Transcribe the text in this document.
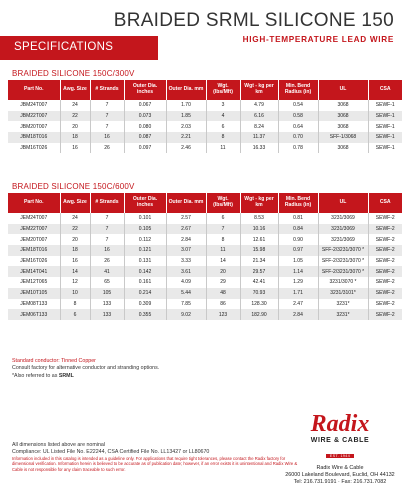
BRAIDED SRML SILICONE 150
HIGH-TEMPERATURE LEAD WIRE
SPECIFICATIONS
BRAIDED SILICONE 150C/300V
Part No.	Awg. Size	# Strands	Outer Dia. inches	Outer Dia. mm	Wgt. (lbs/Mft)	Wgt - kg per km	Min. Bend Radius (in)	UL	CSA
JBM24T007	24	7	0.067	1.70	3	4.79	0.54	3068	SEWF-1
JBM22T007	22	7	0.073	1.85	4	6.16	0.58	3068	SEWF-1
JBM20T007	20	7	0.080	2.03	6	8.24	0.64	3068	SEWF-1
JBM18T016	18	16	0.087	2.21	8	11.37	0.70	SFF-1/3068	SEWF-1
JBM16T026	16	26	0.097	2.46	11	16.33	0.78	3068	SEWF-1
BRAIDED SILICONE 150C/600V
Part No.	Awg. Size	# Strands	Outer Dia. inches	Outer Dia. mm	Wgt. (lbs/Mft)	Wgt - kg per km	Min. Bend Radius (in)	UL	CSA
JEM24T007	24	7	0.101	2.57	6	8.53	0.81	3231/3069	SEWF-2
JEM22T007	22	7	0.105	2.67	7	10.16	0.84	3231/3069	SEWF-2
JEM20T007	20	7	0.112	2.84	8	12.61	0.90	3231/3069	SEWF-2
JEM18T016	18	16	0.121	3.07	11	15.98	0.97	SFF-2/3231/3070 *	SEWF-2
JEM16T026	16	26	0.131	3.33	14	21.34	1.05	SFF-2/3231/3070 *	SEWF-2
JEM14T041	14	41	0.142	3.61	20	29.57	1.14	SFF-2/3231/3070 *	SEWF-2
JEM12T065	12	65	0.161	4.09	29	42.41	1.29	3231/3070 *	SEWF-2
JEM10T105	10	105	0.214	5.44	48	70.93	1.71	3231/3101*	SEWF-2
JEM08T133	8	133	0.309	7.85	86	128.30	2.47	3231*	SEWF-2
JEM06T133	6	133	0.355	9.02	123	182.90	2.84	3231*	SEWF-2
Standard conductor: Tinned Copper
Consult factory for alternative conductor and stranding options.
*Also referred to as SRML
All dimensions listed above are nominal
Compliance: UL Listed File No. E22244, CSA Certified File No. LL13427 or LL80670
Information included in this catalog is intended as a guideline only. For applications that require tight tolerances, please contact the Radix factory for dimensional verification. Information herein is believed to be accurate as of publication date; however, if an error exists it is unintentional and Radix Wire & Cable is not responsible for any claim traceable to such error.
Radix
WIRE & CABLE
EST. 1944
Radix Wire & Cable
26000 Lakeland Boulevard, Euclid, OH 44132
Tel: 216.731.9191 · Fax: 216.731.7082
